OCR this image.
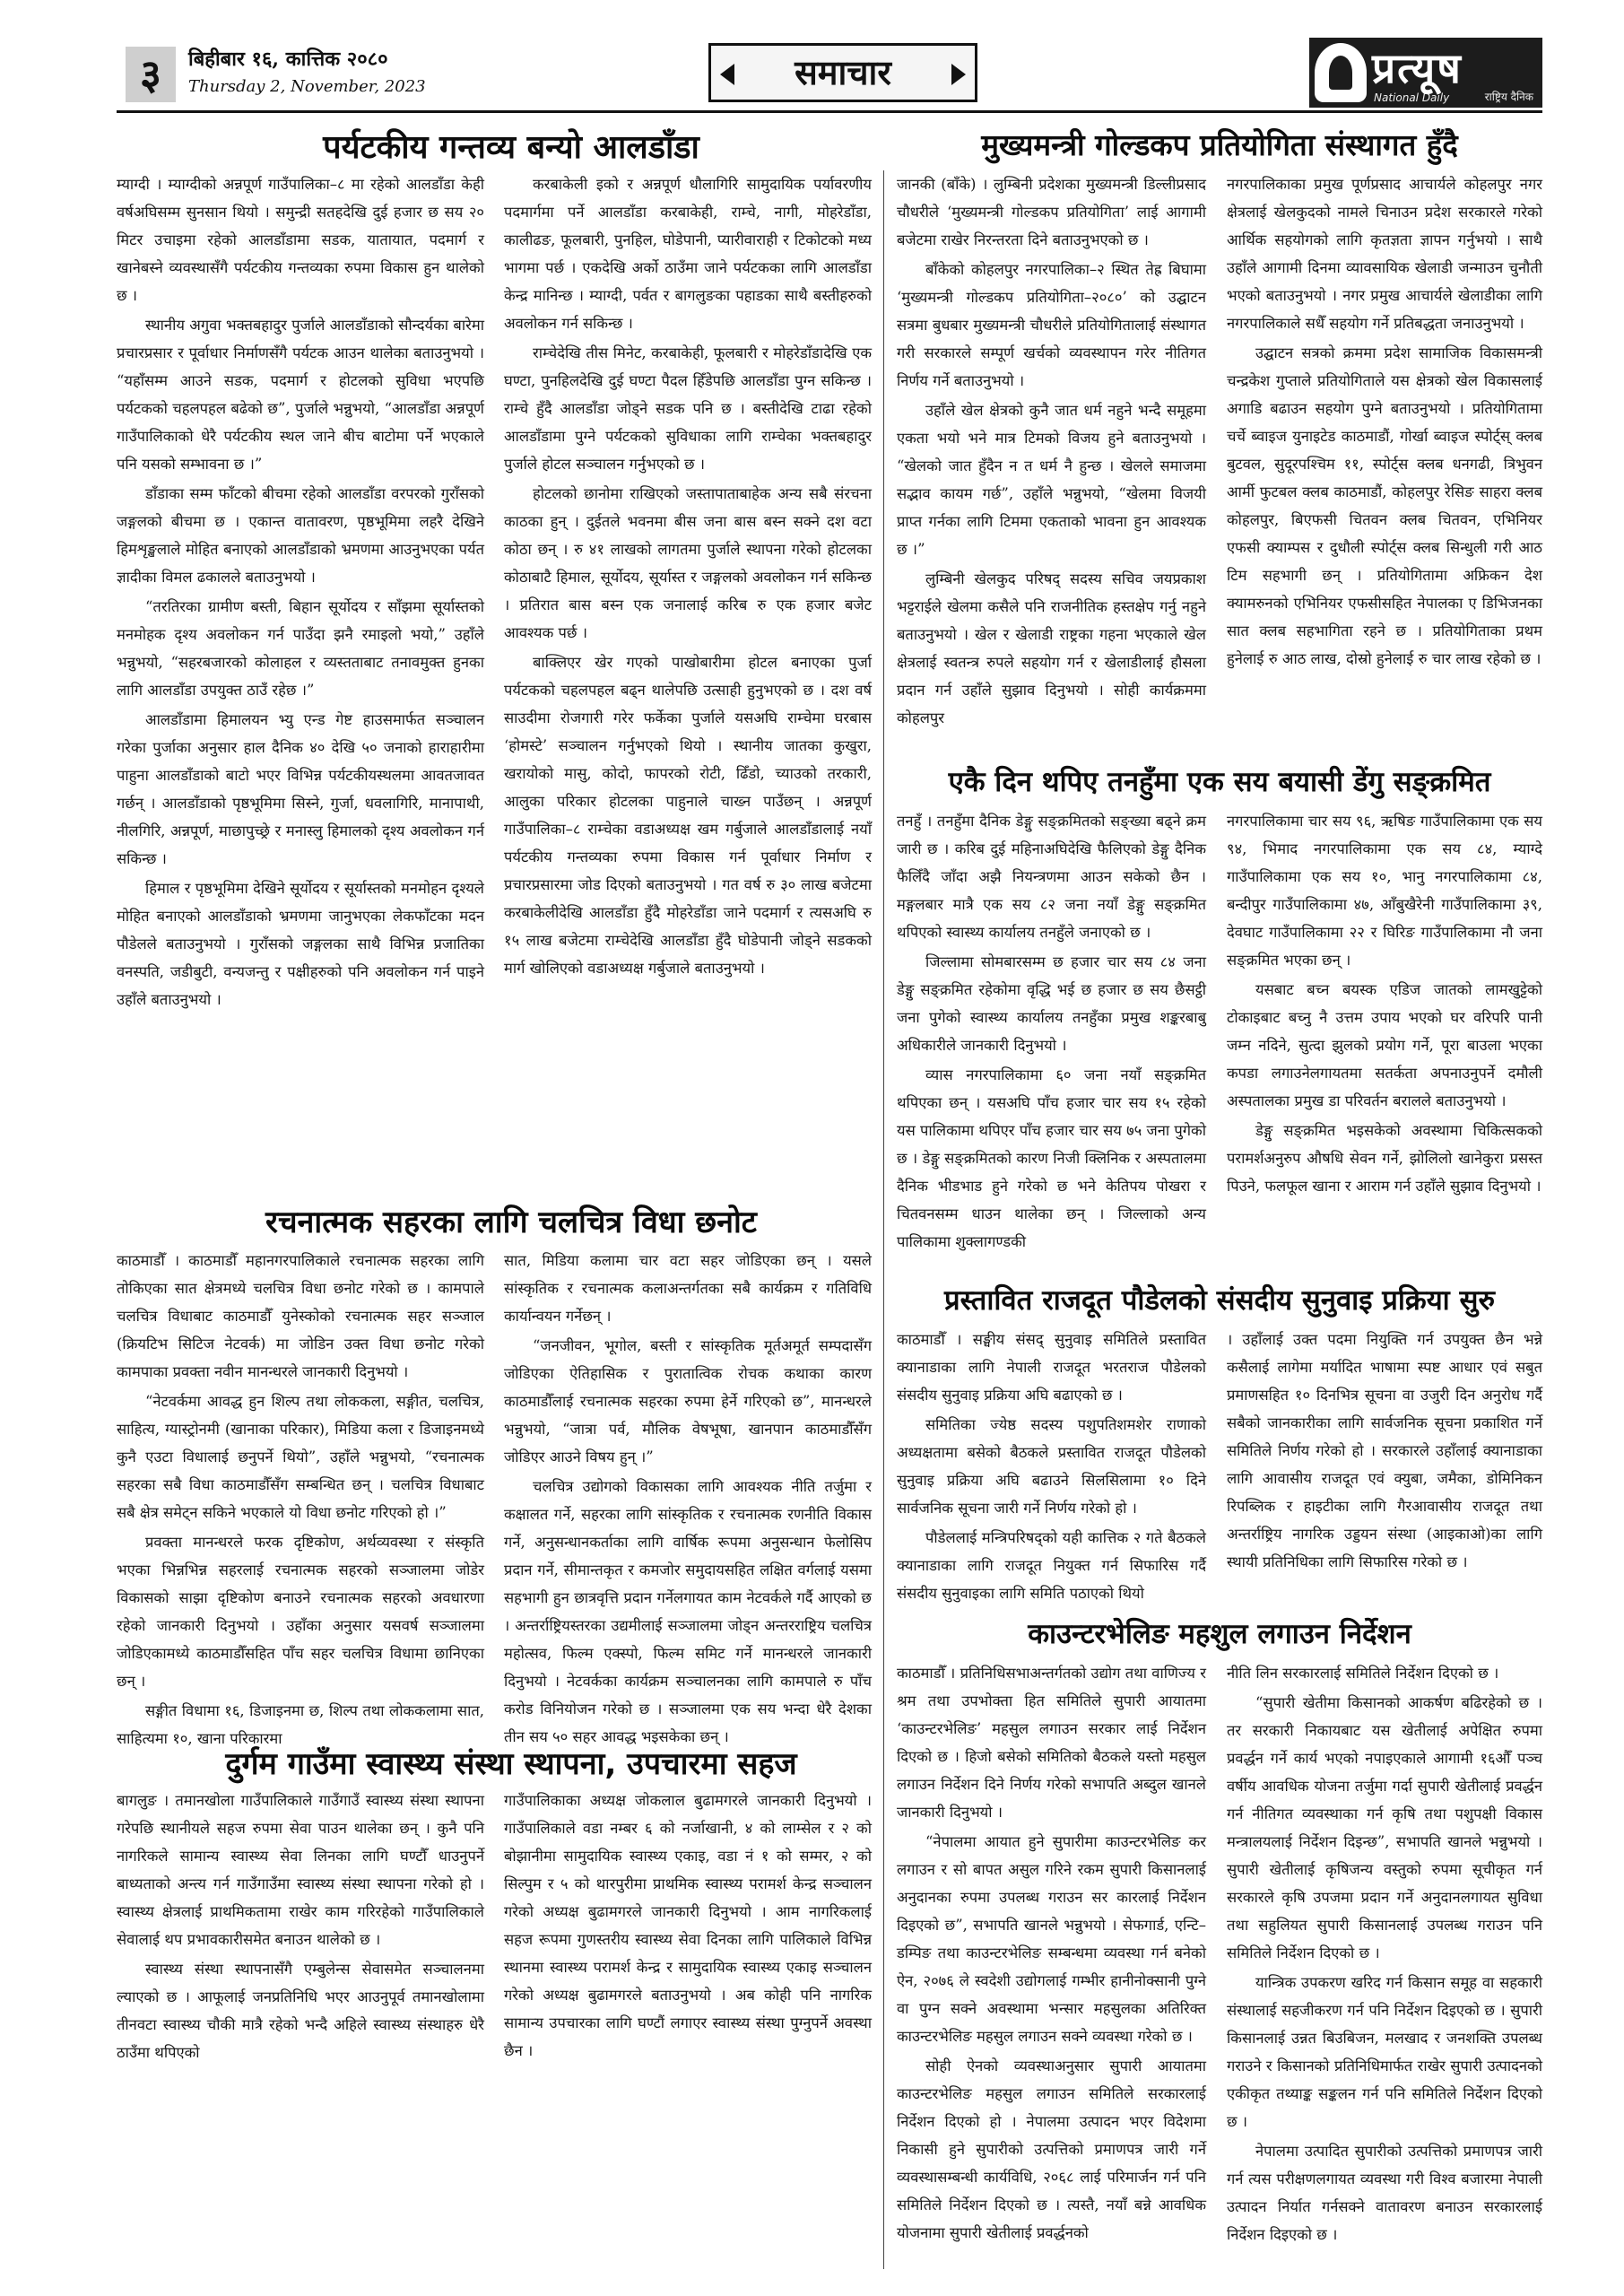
३	बिहीबार १६, कात्तिक २०८०
Thursday 2, November, 2023	समाचार	प्रत्यूष
National Daily	राष्ट्रिय दैनिक
पर्यटकीय गन्तव्य बन्यो आलडाँडा

म्याग्दी । म्याग्दीको अन्नपूर्ण गाउँपालिका–८ मा रहेको आलडाँडा केही वर्षअघिसम्म सुनसान थियो । समुन्द्री सतहदेखि दुई हजार छ सय २० मिटर उचाइमा रहेको आलडाँडामा सडक, यातायात, पदमार्ग र खानेबस्ने व्यवस्थासँगै पर्यटकीय गन्तव्यका रुपमा विकास हुन थालेको छ ।

स्थानीय अगुवा भक्तबहादुर पुर्जाले आलडाँडाको सौन्दर्यका बारेमा प्रचारप्रसार र पूर्वाधार निर्माणसँगै पर्यटक आउन थालेका बताउनुभयो । “यहाँसम्म आउने सडक, पदमार्ग र होटलको सुविधा भएपछि पर्यटकको चहलपहल बढेको छ”, पुर्जाले भन्नुभयो, “आलडाँडा अन्नपूर्ण गाउँपालिकाको धेरै पर्यटकीय स्थल जाने बीच बाटोमा पर्ने भएकाले पनि यसको सम्भावना छ ।”

डाँडाका सम्म फाँटको बीचमा रहेको आलडाँडा वरपरको गुराँसको जङ्गलको बीचमा छ । एकान्त वातावरण, पृष्ठभूमिमा लहरै देखिने हिमशृङ्खलाले मोहित बनाएको आलडाँडाको भ्रमणमा आउनुभएका पर्यत ज्ञादीका विमल ढकालले बताउनुभयो ।

“तरतिरका ग्रामीण बस्ती, बिहान सूर्योदय र साँझमा सूर्यास्तको मनमोहक दृश्य अवलोकन गर्न पाउँदा झनै रमाइलो भयो,” उहाँले भन्नुभयो, “सहरबजारको कोलाहल र व्यस्तताबाट तनावमुक्त हुनका लागि आलडाँडा उपयुक्त ठाउँ रहेछ ।”

आलडाँडामा हिमालयन भ्यु एन्ड गेष्ट हाउसमार्फत सञ्चालन गरेका पुर्जाका अनुसार हाल दैनिक ४० देखि ५० जनाको हाराहारीमा पाहुना आलडाँडाको बाटो भएर विभिन्न पर्यटकीयस्थलमा आवतजावत गर्छन् । आलडाँडाको पृष्ठभूमिमा सिस्ने, गुर्जा, धवलागिरि, मानापाथी, नीलगिरि, अन्नपूर्ण, माछापुच्छ्रे र मनास्लु हिमालको दृश्य अवलोकन गर्न सकिन्छ ।

हिमाल र पृष्ठभूमिमा देखिने सूर्योदय र सूर्यास्तको मनमोहन दृश्यले मोहित बनाएको आलडाँडाको भ्रमणमा जानुभएका लेकफाँटका मदन पौडेलले बताउनुभयो । गुराँसको जङ्गलका साथै विभिन्न प्रजातिका वनस्पति, जडीबुटी, वन्यजन्तु र पक्षीहरुको पनि अवलोकन गर्न पाइने उहाँले बताउनुभयो ।

करबाकेली इको र अन्नपूर्ण धौलागिरि सामुदायिक पर्यावरणीय पदमार्गमा पर्ने आलडाँडा करबाकेही, राम्चे, नागी, मोहरेडाँडा, कालीढङ, फूलबारी, पुनहिल, घोडेपानी, प्यारीवाराही र टिकोटको मध्य भागमा पर्छ । एकदेखि अर्को ठाउँमा जाने पर्यटकका लागि आलडाँडा केन्द्र मानिन्छ । म्याग्दी, पर्वत र बागलुङका पहाडका साथै बस्तीहरुको अवलोकन गर्न सकिन्छ ।

राम्चेदेखि तीस मिनेट, करबाकेही, फूलबारी र मोहरेडाँडादेखि एक घण्टा, पुनहिलदेखि दुई घण्टा पैदल हिँडेपछि आलडाँडा पुग्न सकिन्छ । राम्चे हुँदै आलडाँडा जोड्ने सडक पनि छ । बस्तीदेखि टाढा रहेको आलडाँडामा पुग्ने पर्यटकको सुविधाका लागि राम्चेका भक्तबहादुर पुर्जाले होटल सञ्चालन गर्नुभएको छ ।

होटलको छानोमा राखिएको जस्तापाताबाहेक अन्य सबै संरचना काठका हुन् । दुईतले भवनमा बीस जना बास बस्न सक्ने दश वटा कोठा छन् । रु ४१ लाखको लागतमा पुर्जाले स्थापना गरेको होटलका कोठाबाटै हिमाल, सूर्योदय, सूर्यास्त र जङ्गलको अवलोकन गर्न सकिन्छ । प्रतिरात बास बस्न एक जनालाई करिब रु एक हजार बजेट आवश्यक पर्छ ।

बाक्लिएर खेर गएको पाखोबारीमा होटल बनाएका पुर्जा पर्यटकको चहलपहल बढ्न थालेपछि उत्साही हुनुभएको छ । दश वर्ष साउदीमा रोजगारी गरेर फर्केका पुर्जाले यसअघि राम्चेमा घरबास ‘होमस्टे’ सञ्चालन गर्नुभएको थियो । स्थानीय जातका कुखुरा, खरायोको मासु, कोदो, फापरको रोटी, ढिँडो, च्याउको तरकारी, आलुका परिकार होटलका पाहुनाले चाख्न पाउँछन् । अन्नपूर्ण गाउँपालिका–८ राम्चेका वडाअध्यक्ष खम गर्बुजाले आलडाँडालाई नयाँ पर्यटकीय गन्तव्यका रुपमा विकास गर्न पूर्वाधार निर्माण र प्रचारप्रसारमा जोड दिएको बताउनुभयो । गत वर्ष रु ३० लाख बजेटमा करबाकेलीदेखि आलडाँडा हुँदै मोहरेडाँडा जाने पदमार्ग र त्यसअघि रु १५ लाख बजेटमा राम्चेदेखि आलडाँडा हुँदै घोडेपानी जोड्ने सडकको मार्ग खोलिएको वडाअध्यक्ष गर्बुजाले बताउनुभयो ।

रचनात्मक सहरका लागि चलचित्र विधा छनोट

काठमाडौँ । काठमाडौँ महानगरपालिकाले रचनात्मक सहरका लागि तोकिएका सात क्षेत्रमध्ये चलचित्र विधा छनोट गरेको छ । कामपाले चलचित्र विधाबाट काठमाडौँ युनेस्कोको रचनात्मक सहर सञ्जाल (क्रियटिभ सिटिज नेटवर्क) मा जोडिन उक्त विधा छनोट गरेको कामपाका प्रवक्ता नवीन मानन्धरले जानकारी दिनुभयो ।

“नेटवर्कमा आवद्ध हुन शिल्प तथा लोककला, सङ्गीत, चलचित्र, साहित्य, ग्यास्ट्रोनमी (खानाका परिकार), मिडिया कला र डिजाइनमध्ये कुनै एउटा विधालाई छनुपर्ने थियो”, उहाँले भन्नुभयो, “रचनात्मक सहरका सबै विधा काठमाडौँसँग सम्बन्धित छन् । चलचित्र विधाबाट सबै क्षेत्र समेट्न सकिने भएकाले यो विधा छनोट गरिएको हो ।”

प्रवक्ता मानन्धरले फरक दृष्टिकोण, अर्थव्यवस्था र संस्कृति भएका भिन्नभिन्न सहरलाई रचनात्मक सहरको सञ्जालमा जोडेर विकासको साझा दृष्टिकोण बनाउने रचनात्मक सहरको अवधारणा रहेको जानकारी दिनुभयो । उहाँका अनुसार यसवर्ष सञ्जालमा जोडिएकामध्ये काठमाडौँसहित पाँच सहर चलचित्र विधामा छानिएका छन् ।

सङ्गीत विधामा १६, डिजाइनमा छ, शिल्प तथा लोककलामा सात, साहित्यमा १०, खाना परिकारमा

सात, मिडिया कलामा चार वटा सहर जोडिएका छन् । यसले सांस्कृतिक र रचनात्मक कलाअन्तर्गतका सबै कार्यक्रम र गतिविधि कार्यान्वयन गर्नेछन् ।

“जनजीवन, भूगोल, बस्ती र सांस्कृतिक मूर्तअमूर्त सम्पदासँग जोडिएका ऐतिहासिक र पुरातात्विक रोचक कथाका कारण काठमाडौँलाई रचनात्मक सहरका रुपमा हेर्ने गरिएको छ”, मानन्धरले भन्नुभयो, “जात्रा पर्व, मौलिक वेषभूषा, खानपान काठमाडौँसँग जोडिएर आउने विषय हुन् ।”

चलचित्र उद्योगको विकासका लागि आवश्यक नीति तर्जुमा र कक्षालत गर्ने, सहरका लागि सांस्कृतिक र रचनात्मक रणनीति विकास गर्ने, अनुसन्धानकर्ताका लागि वार्षिक रूपमा अनुसन्धान फेलोसिप प्रदान गर्ने, सीमान्तकृत र कमजोर समुदायसहित लक्षित वर्गलाई यसमा सहभागी हुन छात्रवृत्ति प्रदान गर्नेलगायत काम नेटवर्कले गर्दै आएको छ । अन्तर्राष्ट्रियस्तरका उद्यमीलाई सञ्जालमा जोड्न अन्तरराष्ट्रिय चलचित्र महोत्सव, फिल्म एक्स्पो, फिल्म समिट गर्ने मानन्धरले जानकारी दिनुभयो । नेटवर्कका कार्यक्रम सञ्चालनका लागि कामपाले रु पाँच करोड विनियोजन गरेको छ । सञ्जालमा एक सय भन्दा धेरै देशका तीन सय ५० सहर आवद्ध भइसकेका छन् ।

दुर्गम गाउँमा स्वास्थ्य संस्था स्थापना, उपचारमा सहज

बागलुङ । तमानखोला गाउँपालिकाले गाउँगाउँ स्वास्थ्य संस्था स्थापना गरेपछि स्थानीयले सहज रुपमा सेवा पाउन थालेका छन् । कुनै पनि नागरिकले सामान्य स्वास्थ्य सेवा लिनका लागि घण्टौँ धाउनुपर्ने बाध्यताको अन्त्य गर्न गाउँगाउँमा स्वास्थ्य संस्था स्थापना गरेको हो । स्वास्थ्य क्षेत्रलाई प्राथमिकतामा राखेर काम गरिरहेको गाउँपालिकाले सेवालाई थप प्रभावकारीसमेत बनाउन थालेको छ ।

स्वास्थ्य संस्था स्थापनासँगै एम्बुलेन्स सेवासमेत सञ्चालनमा ल्याएको छ । आफूलाई जनप्रतिनिधि भएर आउनुपूर्व तमानखोलामा तीनवटा स्वास्थ्य चौकी मात्रै रहेको भन्दै अहिले स्वास्थ्य संस्थाहरु धेरै ठाउँमा थपिएको

गाउँपालिकाका अध्यक्ष जोकलाल बुढामगरले जानकारी दिनुभयो । गाउँपालिकाले वडा नम्बर ६ को नर्जाखानी, ४ को लाम्सेल र २ को बोझानीमा सामुदायिक स्वास्थ्य एकाइ, वडा नं १ को सम्मर, २ को सिल्पुम र ५ को थारपुरीमा प्राथमिक स्वास्थ्य परामर्श केन्द्र सञ्चालन गरेको अध्यक्ष बुढामगरले जानकारी दिनुभयो । आम नागरिकलाई सहज रूपमा गुणस्तरीय स्वास्थ्य सेवा दिनका लागि पालिकाले विभिन्न स्थानमा स्वास्थ्य परामर्श केन्द्र र सामुदायिक स्वास्थ्य एकाइ सञ्चालन गरेको अध्यक्ष बुढामगरले बताउनुभयो । अब कोही पनि नागरिक सामान्य उपचारका लागि घण्टौं लगाएर स्वास्थ्य संस्था पुग्नुपर्ने अवस्था छैन ।

मुख्यमन्त्री गोल्डकप प्रतियोगिता संस्थागत हुँदै

जानकी (बाँके) । लुम्बिनी प्रदेशका मुख्यमन्त्री डिल्लीप्रसाद चौधरीले ‘मुख्यमन्त्री गोल्डकप प्रतियोगिता’ लाई आगामी बजेटमा राखेर निरन्तरता दिने बताउनुभएको छ ।

बाँकेको कोहलपुर नगरपालिका–२ स्थित तेह्र बिघामा ‘मुख्यमन्त्री गोल्डकप प्रतियोगिता–२०८०’ को उद्घाटन सत्रमा बुधबार मुख्यमन्त्री चौधरीले प्रतियोगितालाई संस्थागत गरी सरकारले सम्पूर्ण खर्चको व्यवस्थापन गरेर नीतिगत निर्णय गर्ने बताउनुभयो ।

उहाँले खेल क्षेत्रको कुनै जात धर्म नहुने भन्दै समूहमा एकता भयो भने मात्र टिमको विजय हुने बताउनुभयो । “खेलको जात हुँदैन न त धर्म नै हुन्छ । खेलले समाजमा सद्भाव कायम गर्छ”, उहाँले भन्नुभयो, “खेलमा विजयी प्राप्त गर्नका लागि टिममा एकताको भावना हुन आवश्यक छ ।”

लुम्बिनी खेलकुद परिषद् सदस्य सचिव जयप्रकाश भट्टराईले खेलमा कसैले पनि राजनीतिक हस्तक्षेप गर्नु नहुने बताउनुभयो । खेल र खेलाडी राष्ट्रका गहना भएकाले खेल क्षेत्रलाई स्वतन्त्र रुपले सहयोग गर्न र खेलाडीलाई हौसला प्रदान गर्न उहाँले सुझाव दिनुभयो । सोही कार्यक्रममा कोहलपुर

नगरपालिकाका प्रमुख पूर्णप्रसाद आचार्यले कोहलपुर नगर क्षेत्रलाई खेलकुदको नामले चिनाउन प्रदेश सरकारले गरेको आर्थिक सहयोगको लागि कृतज्ञता ज्ञापन गर्नुभयो । साथै उहाँले आगामी दिनमा व्यावसायिक खेलाडी जन्माउन चुनौती भएको बताउनुभयो । नगर प्रमुख आचार्यले खेलाडीका लागि नगरपालिकाले सधैँ सहयोग गर्ने प्रतिबद्धता जनाउनुभयो ।

उद्घाटन सत्रको क्रममा प्रदेश सामाजिक विकासमन्त्री चन्द्रकेश गुप्ताले प्रतियोगिताले यस क्षेत्रको खेल विकासलाई अगाडि बढाउन सहयोग पुग्ने बताउनुभयो । प्रतियोगितामा चर्चे ब्वाइज युनाइटेड काठमाडौं, गोर्खा ब्वाइज स्पोर्ट्स् क्लब बुटवल, सुदूरपश्चिम ११, स्पोर्ट्स क्लब धनगढी, त्रिभुवन आर्मी फुटबल क्लब काठमाडौं, कोहलपुर रेसिङ साहरा क्लब कोहलपुर, बिएफसी चितवन क्लब चितवन, एभिनियर एफसी क्याम्पस र दुधौली स्पोर्ट्स क्लब सिन्धुली गरी आठ टिम सहभागी छन् । प्रतियोगितामा अफ्रिकन देश क्यामरुनको एभिनियर एफसीसहित नेपालका ए डिभिजनका सात क्लब सहभागिता रहने छ । प्रतियोगिताका प्रथम हुनेलाई रु आठ लाख, दोस्रो हुनेलाई रु चार लाख रहेको छ ।

एकै दिन थपिए तनहुँमा एक सय बयासी डेंगु सङ्क्रमित

तनहुँ । तनहुँमा दैनिक डेङ्गु सङ्क्रमितको सङ्ख्या बढ्ने क्रम जारी छ । करिब दुई महिनाअघिदेखि फैलिएको डेङ्गु दैनिक फैलिँदै जाँदा अझै नियन्त्रणमा आउन सकेको छैन । मङ्गलबार मात्रै एक सय ८२ जना नयाँ डेङ्गु सङ्क्रमित थपिएको स्वास्थ्य कार्यालय तनहुँले जनाएको छ ।

जिल्लामा सोमबारसम्म छ हजार चार सय ८४ जना डेङ्गु सङ्क्रमित रहेकोमा वृद्धि भई छ हजार छ सय छैसट्ठी जना पुगेको स्वास्थ्य कार्यालय तनहुँका प्रमुख शङ्करबाबु अधिकारीले जानकारी दिनुभयो ।

व्यास नगरपालिकामा ६० जना नयाँ सङ्क्रमित थपिएका छन् । यसअघि पाँच हजार चार सय १५ रहेको यस पालिकामा थपिएर पाँच हजार चार सय ७५ जना पुगेको छ । डेङ्गु सङ्क्रमितको कारण निजी क्लिनिक र अस्पतालमा दैनिक भीडभाड हुने गरेको छ भने केतिपय पोखरा र चितवनसम्म धाउन थालेका छन् । जिल्लाको अन्य पालिकामा शुक्लागण्डकी

नगरपालिकामा चार सय ९६, ऋषिङ गाउँपालिकामा एक सय ९४, भिमाद नगरपालिकामा एक सय ८४, म्याग्दे गाउँपालिकामा एक सय १०, भानु नगरपालिकामा ८४, बन्दीपुर गाउँपालिकामा ४७, आँबुखैरेनी गाउँपालिकामा ३९, देवघाट गाउँपालिकामा २२ र घिरिङ गाउँपालिकामा नौ जना सङ्क्रमित भएका छन् ।

यसबाट बच्न बयस्क एडिज जातको लामखुट्टेको टोकाइबाट बच्नु नै उत्तम उपाय भएको घर वरिपरि पानी जम्न नदिने, सुत्दा झुलको प्रयोग गर्ने, पूरा बाउला भएका कपडा लगाउनेलगायतमा सतर्कता अपनाउनुपर्ने दमौली अस्पतालका प्रमुख डा परिवर्तन बरालले बताउनुभयो ।

डेङ्गु सङ्क्रमित भइसकेको अवस्थामा चिकित्सकको परामर्शअनुरुप औषधि सेवन गर्ने, झोलिलो खानेकुरा प्रसस्त पिउने, फलफूल खाना र आराम गर्न उहाँले सुझाव दिनुभयो ।

प्रस्तावित राजदूत पौडेलको संसदीय सुनुवाइ प्रक्रिया सुरु

काठमाडौँ । सङ्घीय संसद् सुनुवाइ समितिले प्रस्तावित क्यानाडाका लागि नेपाली राजदूत भरतराज पौडेलको संसदीय सुनुवाइ प्रक्रिया अघि बढाएको छ ।

समितिका ज्येष्ठ सदस्य पशुपतिशमशेर राणाको अध्यक्षतामा बसेको बैठकले प्रस्तावित राजदूत पौडेलको सुनुवाइ प्रक्रिया अघि बढाउने सिलसिलामा १० दिने सार्वजनिक सूचना जारी गर्ने निर्णय गरेको हो ।

पौडेललाई मन्त्रिपरिषद्को यही कात्तिक २ गते बैठकले क्यानाडाका लागि राजदूत नियुक्त गर्न सिफारिस गर्दै संसदीय सुनुवाइका लागि समिति पठाएको थियो

। उहाँलाई उक्त पदमा नियुक्ति गर्न उपयुक्त छैन भन्ने कसैलाई लागेमा मर्यादित भाषामा स्पष्ट आधार एवं सबुत प्रमाणसहित १० दिनभित्र सूचना वा उजुरी दिन अनुरोध गर्दै सबैको जानकारीका लागि सार्वजनिक सूचना प्रकाशित गर्ने समितिले निर्णय गरेको हो । सरकारले उहाँलाई क्यानाडाका लागि आवासीय राजदूत एवं क्युबा, जमैका, डोमिनिकन रिपब्लिक र हाइटीका लागि गैरआवासीय राजदूत तथा अन्तर्राष्ट्रिय नागरिक उड्डयन संस्था (आइकाओ)का लागि स्थायी प्रतिनिधिका लागि सिफारिस गरेको छ ।

काउन्टरभेलिङ महशुल लगाउन निर्देशन

काठमाडौँ । प्रतिनिधिसभाअन्तर्गतको उद्योग तथा वाणिज्य र श्रम तथा उपभोक्ता हित समितिले सुपारी आयातमा ‘काउन्टरभेलिङ’ महसुल लगाउन सरकार लाई निर्देशन दिएको छ । हिजो बसेको समितिको बैठकले यस्तो महसुल लगाउन निर्देशन दिने निर्णय गरेको सभापति अब्दुल खानले जानकारी दिनुभयो ।

“नेपालमा आयात हुने सुपारीमा काउन्टरभेलिङ कर लगाउन र सो बापत असुल गरिने रकम सुपारी किसानलाई अनुदानका रुपमा उपलब्ध गराउन सर कारलाई निर्देशन दिइएको छ”, सभापति खानले भन्नुभयो । सेफगार्ड, एन्टि–डम्पिङ तथा काउन्टरभेलिङ सम्बन्धमा व्यवस्था गर्न बनेको ऐन, २०७६ ले स्वदेशी उद्योगलाई गम्भीर हानीनोक्सानी पुग्ने वा पुग्न सक्ने अवस्थामा भन्सार महसुलका अतिरिक्त काउन्टरभेलिङ महसुल लगाउन सक्ने व्यवस्था गरेको छ ।

सोही ऐनको व्यवस्थाअनुसार सुपारी आयातमा काउन्टरभेलिङ महसुल लगाउन समितिले सरकारलाई निर्देशन दिएको हो । नेपालमा उत्पादन भएर विदेशमा निकासी हुने सुपारीको उत्पत्तिको प्रमाणपत्र जारी गर्ने व्यवस्थासम्बन्धी कार्यविधि, २०६८ लाई परिमार्जन गर्न पनि समितिले निर्देशन दिएको छ । त्यस्तै, नयाँ बन्ने आवधिक योजनामा सुपारी खेतीलाई प्रवर्द्धनको

नीति लिन सरकारलाई समितिले निर्देशन दिएको छ ।

“सुपारी खेतीमा किसानको आकर्षण बढिरहेको छ । तर सरकारी निकायबाट यस खेतीलाई अपेक्षित रुपमा प्रवर्द्धन गर्ने कार्य भएको नपाइएकाले आगामी १६औँ पञ्च वर्षीय आवधिक योजना तर्जुमा गर्दा सुपारी खेतीलाई प्रवर्द्धन गर्न नीतिगत व्यवस्थाका गर्न कृषि तथा पशुपक्षी विकास मन्त्रालयलाई निर्देशन दिइन्छ”, सभापति खानले भन्नुभयो । सुपारी खेतीलाई कृषिजन्य वस्तुको रुपमा सूचीकृत गर्न सरकारले कृषि उपजमा प्रदान गर्ने अनुदानलगायत सुविधा तथा सहुलियत सुपारी किसानलाई उपलब्ध गराउन पनि समितिले निर्देशन दिएको छ ।

यान्त्रिक उपकरण खरिद गर्न किसान समूह वा सहकारी संस्थालाई सहजीकरण गर्न पनि निर्देशन दिइएको छ । सुपारी किसानलाई उन्नत बिउबिजन, मलखाद र जनशक्ति उपलब्ध गराउने र किसानको प्रतिनिधिमार्फत राखेर सुपारी उत्पादनको एकीकृत तथ्याङ्क सङ्कलन गर्न पनि समितिले निर्देशन दिएको छ ।

नेपालमा उत्पादित सुपारीको उत्पत्तिको प्रमाणपत्र जारी गर्न त्यस परीक्षणलगायत व्यवस्था गरी विश्व बजारमा नेपाली उत्पादन निर्यात गर्नसक्ने वातावरण बनाउन सरकारलाई निर्देशन दिइएको छ ।
